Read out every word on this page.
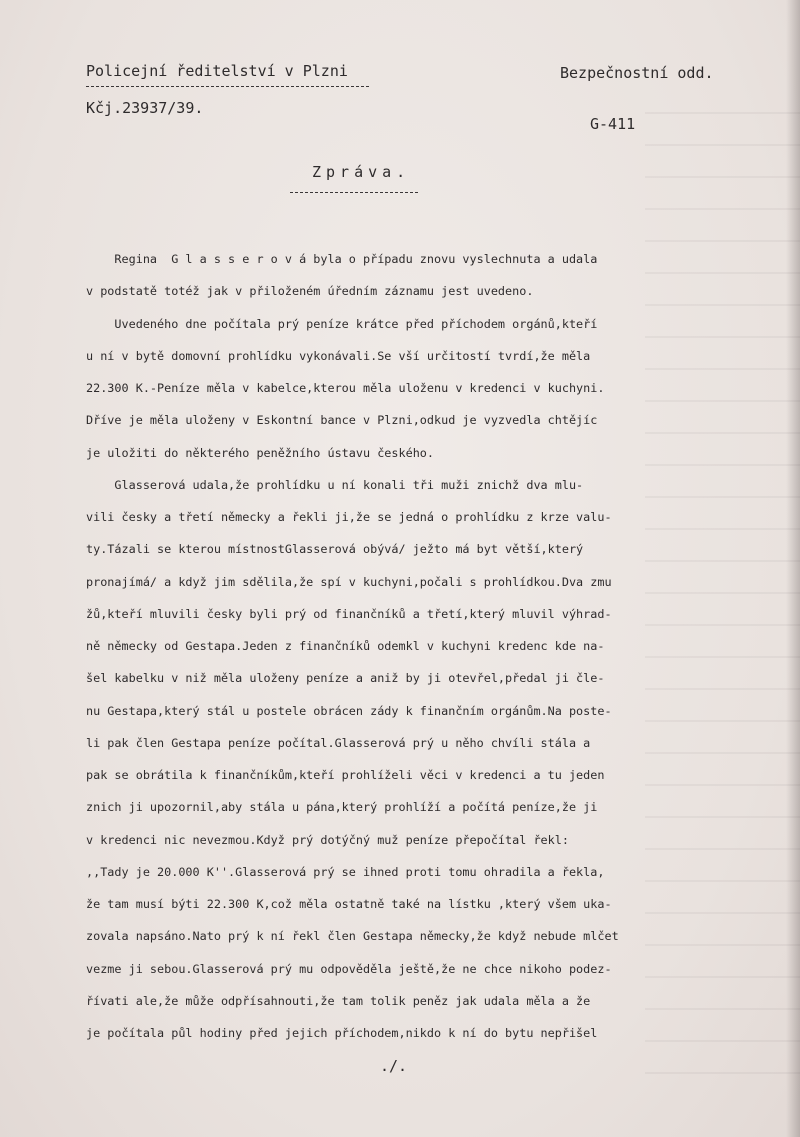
Policejní ředitelství v Plzni
Kčj.23937/39.
Bezpečnostní odd.
G-411
Zpráva.
Regina  G l a s s e r o v á byla o případu znovu vyslechnuta a udala
v podstatě totéž jak v přiloženém úředním záznamu jest uvedeno.
Uvedeného dne počítala prý peníze krátce před příchodem orgánů,kteří
u ní v bytě domovní prohlídku vykonávali.Se vší určitostí tvrdí,že měla
22.300 K.-Peníze měla v kabelce,kterou měla uloženu v kredenci v kuchyni.
Dříve je měla uloženy v Eskontní bance v Plzni,odkud je vyzvedla chtějíc
je uložiti do některého peněžního ústavu českého.
Glasserová udala,že prohlídku u ní konali tři muži znichž dva mlu-
vili česky a třetí německy a řekli ji,že se jedná o prohlídku z krze valu-
ty.Tázali se kterou místnostGlasserová obývá/ ježto má byt větší,který
pronajímá/ a když jim sdělila,že spí v kuchyni,počali s prohlídkou.Dva zmu
žů,kteří mluvili česky byli prý od finančníků a třetí,který mluvil výhrad-
ně německy od Gestapa.Jeden z finančníků odemkl v kuchyni kredenc kde na-
šel kabelku v niž měla uloženy peníze a aniž by ji otevřel,předal ji čle-
nu Gestapa,který stál u postele obrácen zády k finančním orgánům.Na poste-
li pak člen Gestapa peníze počítal.Glasserová prý u něho chvíli stála a
pak se obrátila k finančníkům,kteří prohlíželi věci v kredenci a tu jeden
znich ji upozornil,aby stála u pána,který prohlíží a počítá peníze,že ji
v kredenci nic nevezmou.Když prý dotýčný muž peníze přepočítal řekl:
,,Tady je 20.000 K''.Glasserová prý se ihned proti tomu ohradila a řekla,
že tam musí býti 22.300 K,což měla ostatně také na lístku ,který všem uka-
zovala napsáno.Nato prý k ní řekl člen Gestapa německy,že když nebude mlčet
vezme ji sebou.Glasserová prý mu odpověděla ještě,že ne chce nikoho podez-
řívati ale,že může odpřísahnouti,že tam tolik peněz jak udala měla a že
je počítala půl hodiny před jejich příchodem,nikdo k ní do bytu nepřišel
./.
